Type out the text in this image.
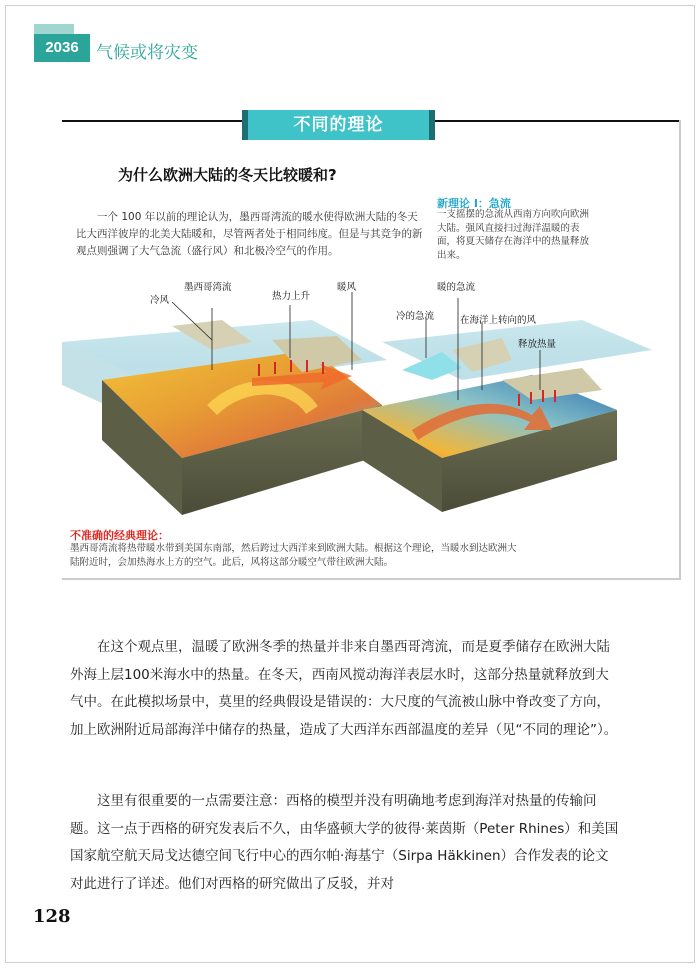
2036	气候或将灾变
不同的理论
为什么欧洲大陆的冬天比较暖和?
一个 100 年以前的理论认为，墨西哥湾流的暖水使得欧洲大陆的冬天比大西洋彼岸的北美大陆暖和，尽管两者处于相同纬度。但是与其竞争的新观点则强调了大气急流（盛行风）和北极冷空气的作用。
新理论 I：急流
一支摇摆的急流从西南方向吹向欧洲大陆。强风直接扫过海洋温暖的表面，将夏天储存在海洋中的热量释放出来。
墨西哥湾流
冷风	热力上升
暖风	暖的急流
冷的急流	在海洋上转向的风
释放热量
不准确的经典理论：
墨西哥湾流将热带暖水带到美国东南部，然后跨过大西洋来到欧洲大陆。根据这个理论，当暖水到达欧洲大陆附近时，会加热海水上方的空气。此后，风将这部分暖空气带往欧洲大陆。

在这个观点里，温暖了欧洲冬季的热量并非来自墨西哥湾流，而是夏季储存在欧洲大陆外海上层100米海水中的热量。在冬天，西南风搅动海洋表层水时，这部分热量就释放到大气中。在此模拟场景中，莫里的经典假设是错误的：大尺度的气流被山脉中脊改变了方向，加上欧洲附近局部海洋中储存的热量，造成了大西洋东西部温度的差异（见“不同的理论”）。

这里有很重要的一点需要注意：西格的模型并没有明确地考虑到海洋对热量的传输问题。这一点于西格的研究发表后不久，由华盛顿大学的彼得·莱茵斯（Peter Rhines）和美国国家航空航天局戈达德空间飞行中心的西尔帕·海基宁（Sirpa Häkkinen）合作发表的论文对此进行了详述。他们对西格的研究做出了反驳，并对

128
